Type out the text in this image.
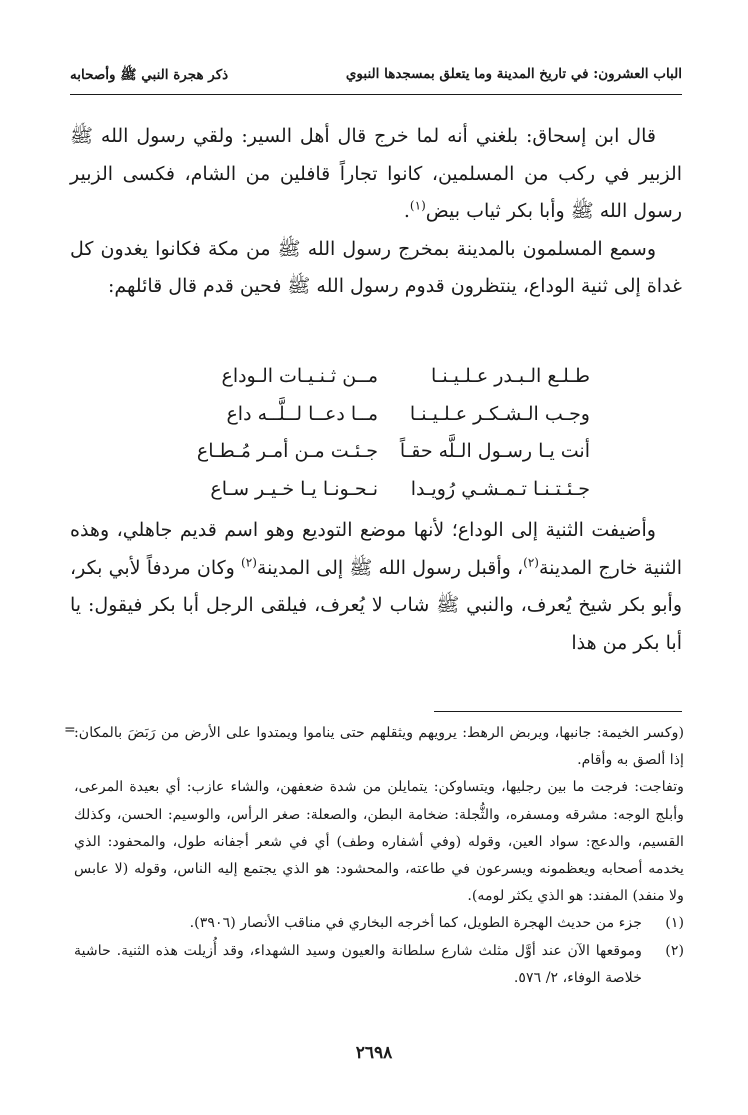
الباب العشرون: في تاريخ المدينة وما يتعلق بمسجدها النبوي
ذكر هجرة النبي ﷺ وأصحابه

قال ابن إسحاق: بلغني أنه لما خرج قال أهل السير: ولقي رسول الله ﷺ الزبير في ركب من المسلمين، كانوا تجاراً قافلين من الشام، فكسى الزبير رسول الله ﷺ وأبا بكر ثياب بيض$^{(١)}$.

وسمع المسلمون بالمدينة بمخرج رسول الله ﷺ من مكة فكانوا يغدون كل غداة إلى ثنية الوداع، ينتظرون قدوم رسول الله ﷺ فحين قدم قال قائلهم:

طـلـع الـبـدر عـلـيـنـا
مــن ثـنـيـات الـوداع
وجـب الـشـكـر عـلـيـنـا
مــا دعــا لــلَّــه داع
أنت يـا رسـول الـلَّه حقـاً
جـئـت مـن أمـر مُـطـاع
جـئـتـنـا تـمـشـي رُويـدا
نـحـونـا يـا خـيـر سـاع

وأضيفت الثنية إلى الوداع؛ لأنها موضع التوديع وهو اسم قديم جاهلي، وهذه الثنية خارج المدينة$^{(٢)}$، وأقبل رسول الله ﷺ إلى المدينة$^{(٢)}$ وكان مردفاً لأبي بكر، وأبو بكر شيخ يُعرف، والنبي ﷺ شاب لا يُعرف، فيلقى الرجل أبا بكر فيقول: يا أبا بكر من هذا

=

(وكسر الخيمة: جانبها، ويربض الرهط: يرويهم ويثقلهم حتى يناموا ويمتدوا على الأرض من رَبَضَ بالمكان: إذا ألصق به وأقام.

وتفاجت: فرجت ما بين رجليها، ويتساوكن: يتمايلن من شدة ضعفهن، والشاء عازب: أي بعيدة المرعى، وأبلج الوجه: مشرقه ومسفره، والثُّجلة: ضخامة البطن، والصعلة: صغر الرأس، والوسيم: الحسن، وكذلك القسيم، والدعج: سواد العين، وقوله (وفي أشفاره وطف) أي في شعر أجفانه طول، والمحفود: الذي يخدمه أصحابه ويعظمونه ويسرعون في طاعته، والمحشود: هو الذي يجتمع إليه الناس، وقوله (لا عابس ولا منفد) المفند: هو الذي يكثر لومه).

(١)
جزء من حديث الهجرة الطويل، كما أخرجه البخاري في مناقب الأنصار (٣٩٠٦).

(٢)
وموقعها الآن عند أوَّل مثلث شارع سلطانة والعيون وسيد الشهداء، وقد أُزيلت هذه الثنية. حاشية خلاصة الوفاء، ٢/ ٥٧٦.

٢٦٩٨
